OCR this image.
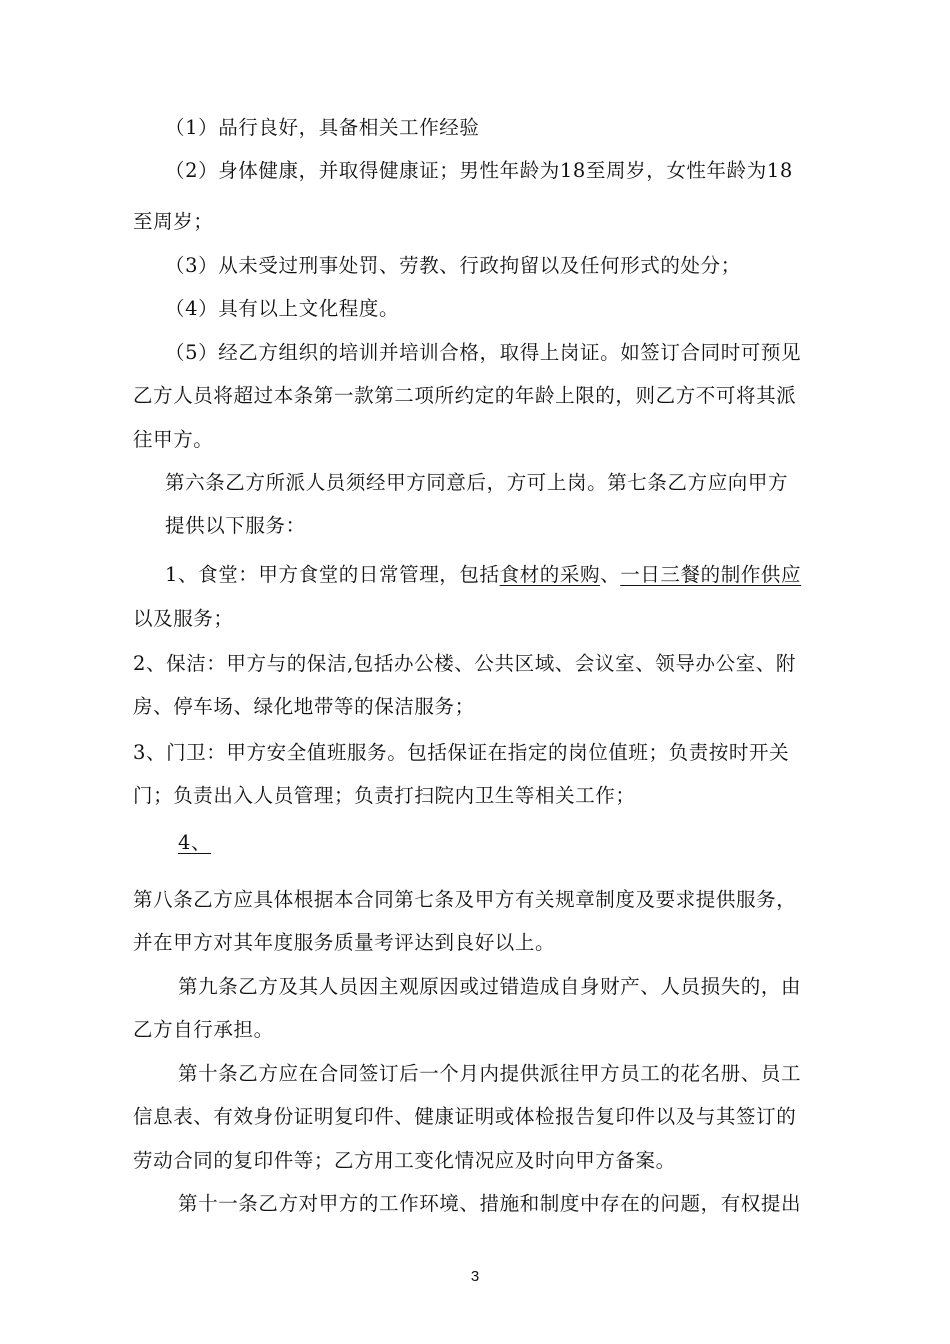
（1）品行良好，具备相关工作经验
（2）身体健康，并取得健康证；男性年龄为18至周岁，女性年龄为18
至周岁；
（3）从未受过刑事处罚、劳教、行政拘留以及任何形式的处分；
（4）具有以上文化程度。
（5）经乙方组织的培训并培训合格，取得上岗证。如签订合同时可预见
乙方人员将超过本条第一款第二项所约定的年龄上限的，则乙方不可将其派
往甲方。
第六条乙方所派人员须经甲方同意后，方可上岗。第七条乙方应向甲方
提供以下服务：
1、食堂：甲方食堂的日常管理，包括食材的采购、一日三餐的制作供应
以及服务；
2、保洁：甲方与的保洁,包括办公楼、公共区域、会议室、领导办公室、附
房、停车场、绿化地带等的保洁服务；
3、门卫：甲方安全值班服务。包括保证在指定的岗位值班；负责按时开关
门；负责出入人员管理；负责打扫院内卫生等相关工作；
4、
第八条乙方应具体根据本合同第七条及甲方有关规章制度及要求提供服务，
并在甲方对其年度服务质量考评达到良好以上。
第九条乙方及其人员因主观原因或过错造成自身财产、人员损失的，由
乙方自行承担。
第十条乙方应在合同签订后一个月内提供派往甲方员工的花名册、员工
信息表、有效身份证明复印件、健康证明或体检报告复印件以及与其签订的
劳动合同的复印件等；乙方用工变化情况应及时向甲方备案。
第十一条乙方对甲方的工作环境、措施和制度中存在的问题，有权提出
3
